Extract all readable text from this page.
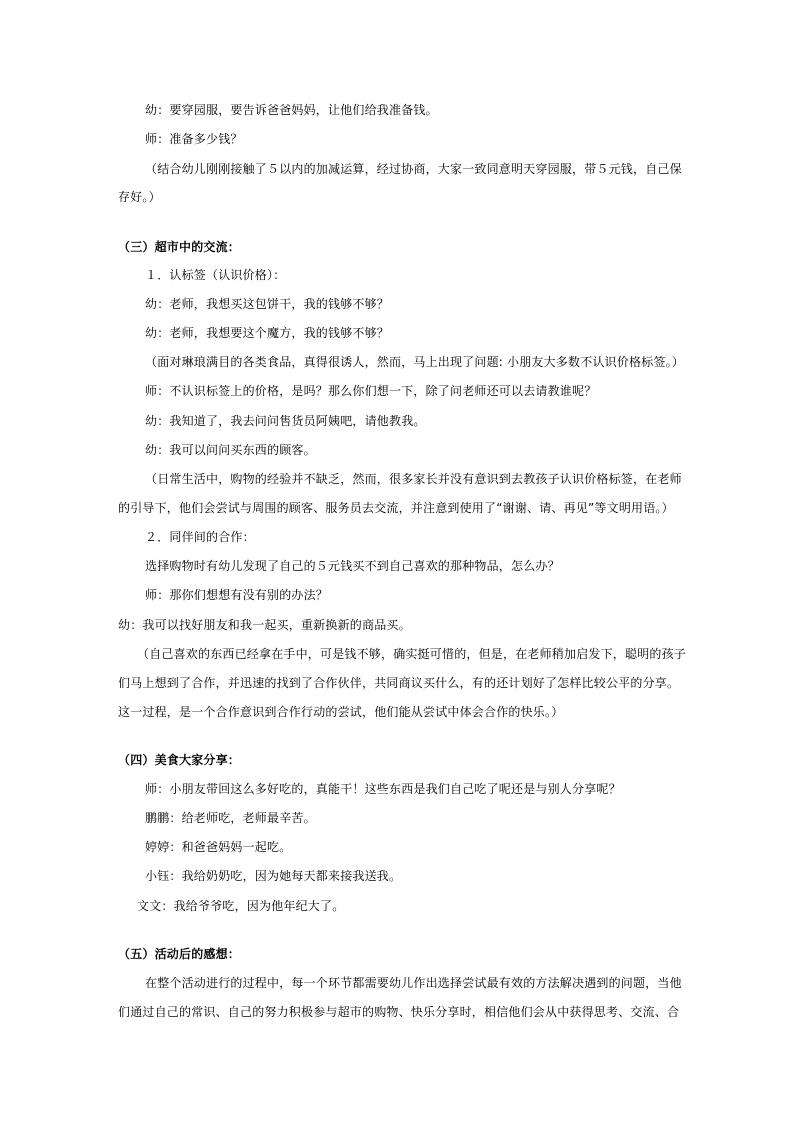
幼：要穿园服，要告诉爸爸妈妈，让他们给我准备钱。
师：准备多少钱？
（结合幼儿刚刚接触了５以内的加减运算，经过协商，大家一致同意明天穿园服，带５元钱，自己保
存好。）
（三）超市中的交流：
１．认标签（认识价格）：
幼：老师，我想买这包饼干，我的钱够不够？
幼：老师，我想要这个魔方，我的钱够不够？
（面对琳琅满目的各类食品，真得很诱人，然而，马上出现了问题: 小朋友大多数不认识价格标签。）
师：不认识标签上的价格，是吗？那么你们想一下，除了问老师还可以去请教谁呢？
幼：我知道了，我去问问售货员阿姨吧，请他教我。
幼：我可以问问买东西的顾客。
（日常生活中，购物的经验并不缺乏，然而，很多家长并没有意识到去教孩子认识价格标签，在老师
的引导下，他们会尝试与周围的顾客、服务员去交流，并注意到使用了“谢谢、请、再见”等文明用语。）
２．同伴间的合作：
选择购物时有幼儿发现了自己的５元钱买不到自己喜欢的那种物品，怎么办？
师：那你们想想有没有别的办法？
幼：我可以找好朋友和我一起买，重新换新的商品买。
（自己喜欢的东西已经拿在手中，可是钱不够，确实挺可惜的，但是，在老师稍加启发下，聪明的孩子
们马上想到了合作，并迅速的找到了合作伙伴，共同商议买什么，有的还计划好了怎样比较公平的分享。
这一过程，是一个合作意识到合作行动的尝试，他们能从尝试中体会合作的快乐。）
（四）美食大家分享：
师：小朋友带回这么多好吃的，真能干！这些东西是我们自己吃了呢还是与别人分享呢？
鹏鹏：给老师吃，老师最辛苦。
婷婷：和爸爸妈妈一起吃。
小钰：我给奶奶吃，因为她每天都来接我送我。
文文：我给爷爷吃，因为他年纪大了。
（五）活动后的感想：
在整个活动进行的过程中，每一个环节都需要幼儿作出选择尝试最有效的方法解决遇到的问题，当他
们通过自己的常识、自己的努力积极参与超市的购物、快乐分享时，相信他们会从中获得思考、交流、合
